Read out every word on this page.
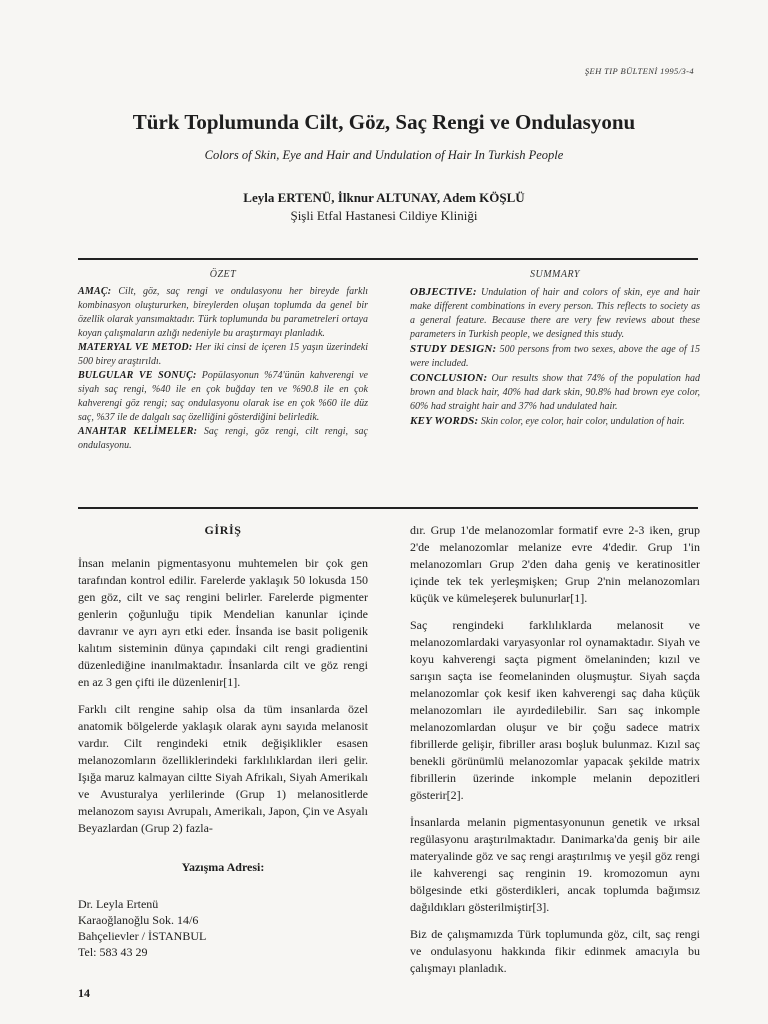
ŞEH TIP BÜLTENİ 1995/3-4
Türk Toplumunda Cilt, Göz, Saç Rengi ve Ondulasyonu
Colors of Skin, Eye and Hair and Undulation of Hair In Turkish People
Leyla ERTENÜ, İlknur ALTUNAY, Adem KÖŞLÜ
Şişli Etfal Hastanesi Cildiye Kliniği
ÖZET

AMAÇ: Cilt, göz, saç rengi ve ondulasyonu her bireyde farklı kombinasyon oluştururken, bireylerden oluşan toplumda da genel bir özellik olarak yansımaktadır. Türk toplumunda bu parametreleri ortaya koyan çalışmaların azlığı nedeniyle bu araştırmayı planladık.

MATERYAL VE METOD: Her iki cinsi de içeren 15 yaşın üzerindeki 500 birey araştırıldı.

BULGULAR VE SONUÇ: Popülasyonun %74'ünün kahverengi ve siyah saç rengi, %40 ile en çok buğday ten ve %90.8 ile en çok kahverengi göz rengi; saç ondulasyonu olarak ise en çok %60 ile düz saç, %37 ile de dalgalı saç özelliğini gösterdiğini belirledik.

ANAHTAR KELİMELER: Saç rengi, göz rengi, cilt rengi, saç ondulasyonu.

SUMMARY

OBJECTIVE: Undulation of hair and colors of skin, eye and hair make different combinations in every person. This reflects to society as a general feature. Because there are very few reviews about these parameters in Turkish people, we designed this study.

STUDY DESIGN: 500 persons from two sexes, above the age of 15 were included.

CONCLUSION: Our results show that 74% of the population had brown and black hair, 40% had dark skin, 90.8% had brown eye color, 60% had straight hair and 37% had undulated hair.

KEY WORDS: Skin color, eye color, hair color, undulation of hair.

GİRİŞ

İnsan melanin pigmentasyonu muhtemelen bir çok gen tarafından kontrol edilir. Farelerde yaklaşık 50 lokusda 150 gen göz, cilt ve saç rengini belirler. Farelerde pigmenter genlerin çoğunluğu tipik Mendelian kanunlar içinde davranır ve ayrı ayrı etki eder. İnsanda ise basit poligenik kalıtım sisteminin dünya çapındaki cilt rengi gradientini düzenlediğine inanılmaktadır. İnsanlarda cilt ve göz rengi en az 3 gen çifti ile düzenlenir[1].

Farklı cilt rengine sahip olsa da tüm insanlarda özel anatomik bölgelerde yaklaşık olarak aynı sayıda melanosit vardır. Cilt rengindeki etnik değişiklikler esasen melanozomların özelliklerindeki farklılıklardan ileri gelir. Işığa maruz kalmayan ciltte Siyah Afrikalı, Siyah Amerikalı ve Avusturalya yerlilerinde (Grup 1) melanositlerde melanozom sayısı Avrupalı, Amerikalı, Japon, Çin ve Asyalı Beyazlardan (Grup 2) fazla-

Yazışma Adresi:
Dr. Leyla Ertenü
Karaoğlanoğlu Sok. 14/6
Bahçelievler / İSTANBUL
Tel: 583 43 29

dır. Grup 1'de melanozomlar formatif evre 2-3 iken, grup 2'de melanozomlar melanize evre 4'dedir. Grup 1'in melanozomları Grup 2'den daha geniş ve keratinositler içinde tek tek yerleşmişken; Grup 2'nin melanozomları küçük ve kümeleşerek bulunurlar[1].

Saç rengindeki farklılıklarda melanosit ve melanozomlardaki varyasyonlar rol oynamaktadır. Siyah ve koyu kahverengi saçta pigment ömelaninden; kızıl ve sarışın saçta ise feomelaninden oluşmuştur. Siyah saçda melanozomlar çok kesif iken kahverengi saç daha küçük melanozomları ile ayırdedilebilir. Sarı saç inkomple melanozomlardan oluşur ve bir çoğu sadece matrix fibrillerde gelişir, fibriller arası boşluk bulunmaz. Kızıl saç benekli görünümlü melanozomlar yapacak şekilde matrix fibrillerin üzerinde inkomple melanin depozitleri gösterir[2].

İnsanlarda melanin pigmentasyonunun genetik ve ırksal regülasyonu araştırılmaktadır. Danimarka'da geniş bir aile materyalinde göz ve saç rengi araştırılmış ve yeşil göz rengi ile kahverengi saç renginin 19. kromozomun aynı bölgesinde etki gösterdikleri, ancak toplumda bağımsız dağıldıkları gösterilmiştir[3].

Biz de çalışmamızda Türk toplumunda göz, cilt, saç rengi ve ondulasyonu hakkında fikir edinmek amacıyla bu çalışmayı planladık.

14
